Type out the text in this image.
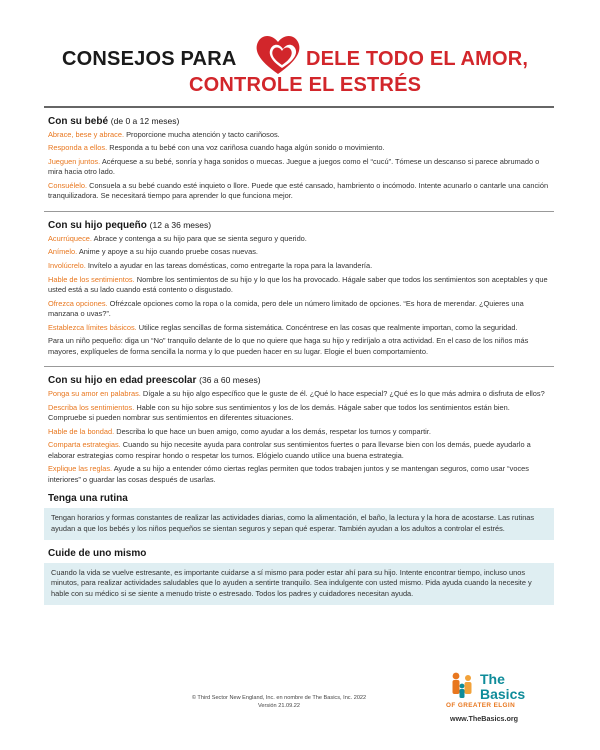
CONSEJOS PARA	DELE TODO EL AMOR,
CONTROLE EL ESTRÉS
Con su bebé (de 0 a 12 meses)
Abrace, bese y abrace. Proporcione mucha atención y tacto cariñosos.
Responda a ellos. Responda a tu bebé con una voz cariñosa cuando haga algún sonido o movimiento.
Jueguen juntos. Acérquese a su bebé, sonría y haga sonidos o muecas. Juegue a juegos como el “cucú”. Tómese un descanso si parece abrumado o mira hacia otro lado.
Consuélelo. Consuela a su bebé cuando esté inquieto o llore. Puede que esté cansado, hambriento o incómodo. Intente acunarlo o cantarle una canción tranquilizadora. Se necesitará tiempo para aprender lo que funciona mejor.
Con su hijo pequeño (12 a 36 meses)
Acurrúquece. Abrace y contenga a su hijo para que se sienta seguro y querido.
Anímelo. Anime y apoye a su hijo cuando pruebe cosas nuevas.
Involúcrelo. Invítelo a ayudar en las tareas domésticas, como entregarte la ropa para la lavandería.
Hable de los sentimientos. Nombre los sentimientos de su hijo y lo que los ha provocado. Hágale saber que todos los sentimientos son aceptables y que usted está a su lado cuando está contento o disgustado.
Ofrezca opciones. Ofrézcale opciones como la ropa o la comida, pero dele un número limitado de opciones. “Es hora de merendar. ¿Quieres una manzana o uvas?”.
Establezca límites básicos. Utilice reglas sencillas de forma sistemática. Concéntrese en las cosas que realmente importan, como la seguridad.
Para un niño pequeño: diga un “No” tranquilo delante de lo que no quiere que haga su hijo y rediríjalo a otra actividad. En el caso de los niños más mayores, explíqueles de forma sencilla la norma y lo que pueden hacer en su lugar. Elogie el buen comportamiento.
Con su hijo en edad preescolar (36 a 60 meses)
Ponga su amor en palabras. Dígale a su hijo algo específico que le guste de él. ¿Qué lo hace especial? ¿Qué es lo que más admira o disfruta de ellos?
Describa los sentimientos. Hable con su hijo sobre sus sentimientos y los de los demás. Hágale saber que todos los sentimientos están bien. Compruebe si pueden nombrar sus sentimientos en diferentes situaciones.
Hable de la bondad. Describa lo que hace un buen amigo, como ayudar a los demás, respetar los turnos y compartir.
Comparta estrategias. Cuando su hijo necesite ayuda para controlar sus sentimientos fuertes o para llevarse bien con los demás, puede ayudarlo a elaborar estrategias como respirar hondo o respetar los turnos. Elógielo cuando utilice una buena estrategia.
Explique las reglas. Ayude a su hijo a entender cómo ciertas reglas permiten que todos trabajen juntos y se mantengan seguros, como usar “voces interiores” o guardar las cosas después de usarlas.
Tenga una rutina
Tengan horarios y formas constantes de realizar las actividades diarias, como la alimentación, el baño, la lectura y la hora de acostarse. Las rutinas ayudan a que los bebés y los niños pequeños se sientan seguros y sepan qué esperar. También ayudan a los adultos a controlar el estrés.
Cuide de uno mismo
Cuando la vida se vuelve estresante, es importante cuidarse a sí mismo para poder estar ahí para su hijo. Intente encontrar tiempo, incluso unos minutos, para realizar actividades saludables que lo ayuden a sentirte tranquilo. Sea indulgente con usted mismo. Pida ayuda cuando la necesite y hable con su médico si se siente a menudo triste o estresado. Todos los padres y cuidadores necesitan ayuda.
© Third Sector New England, Inc. en nombre de The Basics, Inc. 2022
Versión 21.09.22
The
Basics
OF GREATER ELGIN
www.TheBasics.org
